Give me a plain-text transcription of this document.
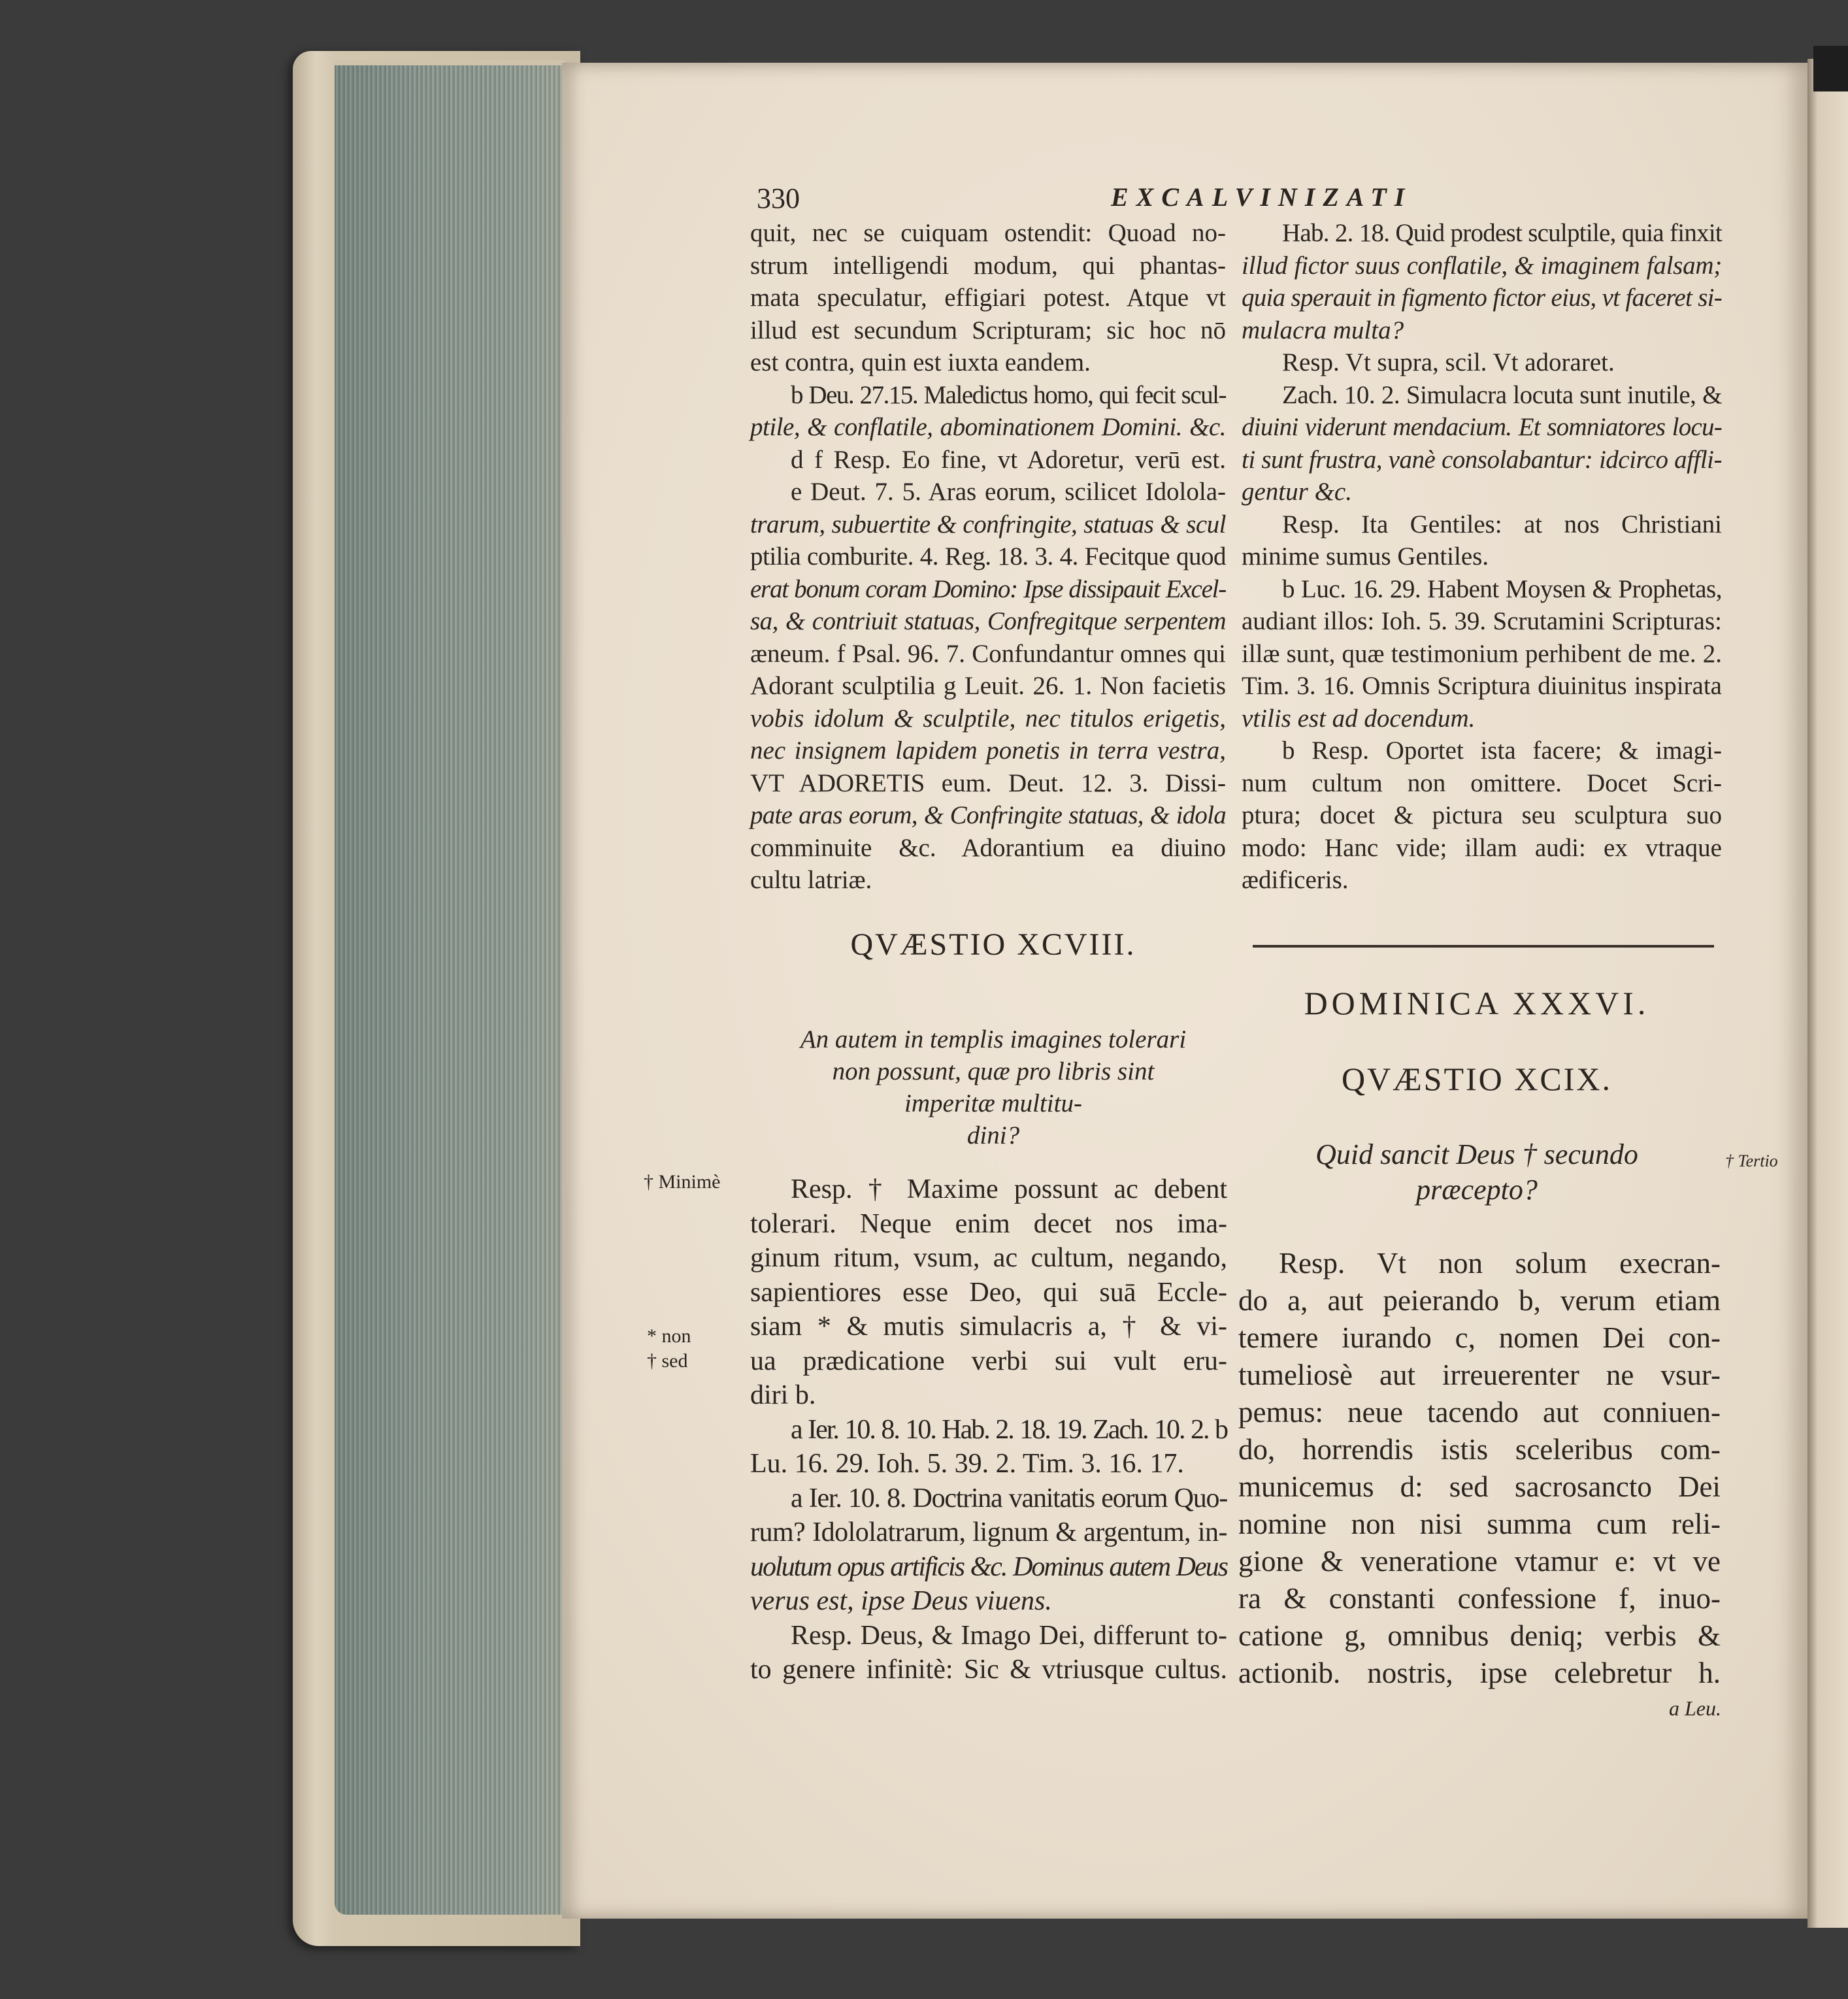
330	EXCALVINIZATI
QVÆSTIO XCVIII.
DOMINICA XXXVI.
QVÆSTIO XCIX.
† Minimè
* non
† sed
† Tertio
a Leu.
quit, nec se cuiquam ostendit: Quoad no-
strum intelligendi modum, qui phantas-
mata speculatur, effigiari potest. Atque vt
illud est secundum Scripturam; sic hoc nō
est contra, quin est iuxta eandem.
b Deu. 27.15. Maledictus homo, qui fecit scul-
ptile, & conflatile, abominationem Domini. &c.
d f Resp. Eo fine, vt Adoretur, verū est.
e Deut. 7. 5. Aras eorum, scilicet Idolola-
trarum, subuertite & confringite, statuas & scul
ptilia comburite. 4. Reg. 18. 3. 4. Fecitque quod
erat bonum coram Domino: Ipse dissipauit Excel-
sa, & contriuit statuas, Confregitque serpentem
æneum. f Psal. 96. 7. Confundantur omnes qui
Adorant sculptilia g Leuit. 26. 1. Non facietis
vobis idolum & sculptile, nec titulos erigetis,
nec insignem lapidem ponetis in terra vestra,
VT ADORETIS eum. Deut. 12. 3. Dissi-
pate aras eorum, & Confringite statuas, & idola
comminuite &c. Adorantium ea diuino
cultu latriæ.
An autem in templis imagines tolerari
non possunt, quæ pro libris sint
imperitæ multitu-
dini?
Resp. † Maxime possunt ac debent
tolerari. Neque enim decet nos ima-
ginum ritum, vsum, ac cultum, negando,
sapientiores esse Deo, qui suā Eccle-
siam * & mutis simulacris a, † & vi-
ua prædicatione verbi sui vult eru-
diri b.
a Ier. 10. 8. 10. Hab. 2. 18. 19. Zach. 10. 2. b
Lu. 16. 29. Ioh. 5. 39. 2. Tim. 3. 16. 17.
a Ier. 10. 8. Doctrina vanitatis eorum Quo-
rum? Idololatrarum, lignum & argentum, in-
uolutum opus artificis &c. Dominus autem Deus
verus est, ipse Deus viuens.
Resp. Deus, & Imago Dei, differunt to-
to genere infinitè: Sic & vtriusque cultus.
Hab. 2. 18. Quid prodest sculptile, quia finxit
illud fictor suus conflatile, & imaginem falsam;
quia sperauit in figmento fictor eius, vt faceret si-
mulacra multa?
Resp. Vt supra, scil. Vt adoraret.
Zach. 10. 2. Simulacra locuta sunt inutile, &
diuini viderunt mendacium. Et somniatores locu-
ti sunt frustra, vanè consolabantur: idcirco affli-
gentur &c.
Resp. Ita Gentiles: at nos Christiani
minime sumus Gentiles.
b Luc. 16. 29. Habent Moysen & Prophetas,
audiant illos: Ioh. 5. 39. Scrutamini Scripturas:
illæ sunt, quæ testimonium perhibent de me. 2.
Tim. 3. 16. Omnis Scriptura diuinitus inspirata
vtilis est ad docendum.
b Resp. Oportet ista facere; & imagi-
num cultum non omittere. Docet Scri-
ptura; docet & pictura seu sculptura suo
modo: Hanc vide; illam audi: ex vtraque
ædificeris.
Quid sancit Deus † secundo
præcepto?
Resp. Vt non solum execran-
do a, aut peierando b, verum etiam
temere iurando c, nomen Dei con-
tumeliosè aut irreuerenter ne vsur-
pemus: neue tacendo aut conniuen-
do, horrendis istis sceleribus com-
municemus d: sed sacrosancto Dei
nomine non nisi summa cum reli-
gione & veneratione vtamur e: vt ve
ra & constanti confessione f, inuo-
catione g, omnibus deniq; verbis &
actionib. nostris, ipse celebretur h.
